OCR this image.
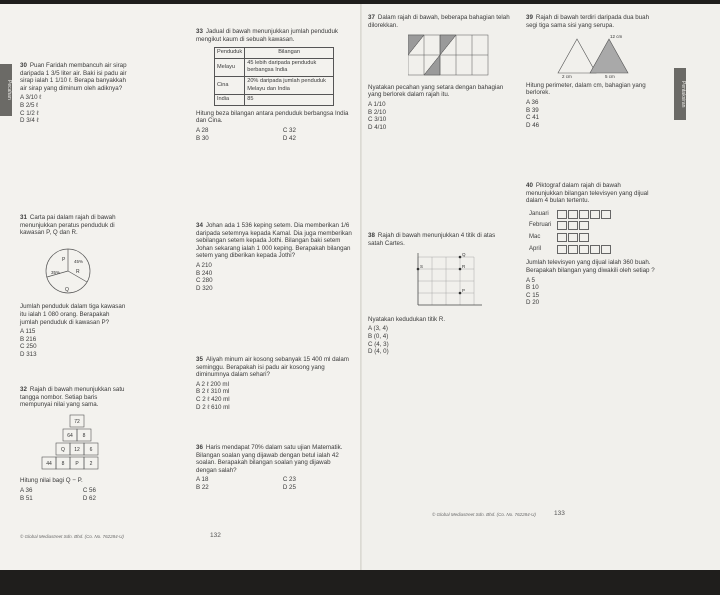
Pecahan

30 Puan Faridah membancuh air sirap daripada 1 3/5 liter air. Baki isi padu air sirap ialah 1 1/10 ℓ. Berapa banyakkah air sirap yang diminum oleh adiknya?

A 3/10 ℓ
B 2/5 ℓ
C 1/2 ℓ
D 3/4 ℓ

31 Carta pai dalam rajah di bawah menunjukkan peratus penduduk di kawasan P, Q dan R.

P
Q
R
45%
35%

Jumlah penduduk dalam tiga kawasan itu ialah 1 080 orang. Berapakah jumlah penduduk di kawasan P?

A 115
B 216
C 250
D 313

32 Rajah di bawah menunjukkan satu tangga nombor. Setiap baris mempunyai nilai yang sama.

72
64 8
Q 12 6
44 8 P 2

Hitung nilai bagi Q − P.

A 36	C 56
B 51	D 62

33 Jadual di bawah menunjukkan jumlah penduduk mengikut kaum di sebuah kawasan.

Penduduk	Bilangan
Melayu	45 lebih daripada penduduk berbangsa India
Cina	20% daripada jumlah penduduk Melayu dan India
India	85

Hitung beza bilangan antara penduduk berbangsa India dan Cina.

A 28	C 32
B 30	D 42

34 Johan ada 1 536 keping setem. Dia memberikan 1/6 daripada setemnya kepada Kamal. Dia juga memberikan sebilangan setem kepada Jothi. Bilangan baki setem Johan sekarang ialah 1 000 keping. Berapakah bilangan setem yang diberikan kepada Jothi?

A 210
B 240
C 280
D 320

35 Aliyah minum air kosong sebanyak 15 400 ml dalam seminggu. Berapakah isi padu air kosong yang diminumnya dalam sehari?

A 2 ℓ 200 ml
B 2 ℓ 310 ml
C 2 ℓ 420 ml
D 2 ℓ 610 ml

36 Haris mendapat 70% dalam satu ujian Matematik. Bilangan soalan yang dijawab dengan betul ialah 42 soalan. Berapakah bilangan soalan yang dijawab dengan salah?

A 18	C 23
B 22	D 25
© Global Mediastreet Sdn. Bhd. (Co. No. 762284-U)	132
Pentaksiran

37 Dalam rajah di bawah, beberapa bahagian telah dilorekkan.

Nyatakan pecahan yang setara dengan bahagian yang berlorek dalam rajah itu.

A 1/10
B 2/10
C 3/10
D 4/10

38 Rajah di bawah menunjukkan 4 titik di atas satah Cartes.

Q
S	R
P

Nyatakan kedudukan titik R.

A (3, 4)
B (0, 4)
C (4, 3)
D (4, 0)

39 Rajah di bawah terdiri daripada dua buah segi tiga sama sisi yang serupa.

12 cm
5 cm
2 cm

Hitung perimeter, dalam cm, bahagian yang berlorek.

A 36
B 39
C 41
D 46

40 Piktograf dalam rajah di bawah menunjukkan bilangan televisyen yang dijual dalam 4 bulan tertentu.

Januari	
Februari	
Mac	
April	

Jumlah televisyen yang dijual ialah 360 buah. Berapakah bilangan yang diwakili oleh setiap ?

A 5
B 10
C 15
D 20
© Global Mediastreet Sdn. Bhd. (Co. No. 762284-U)	133
